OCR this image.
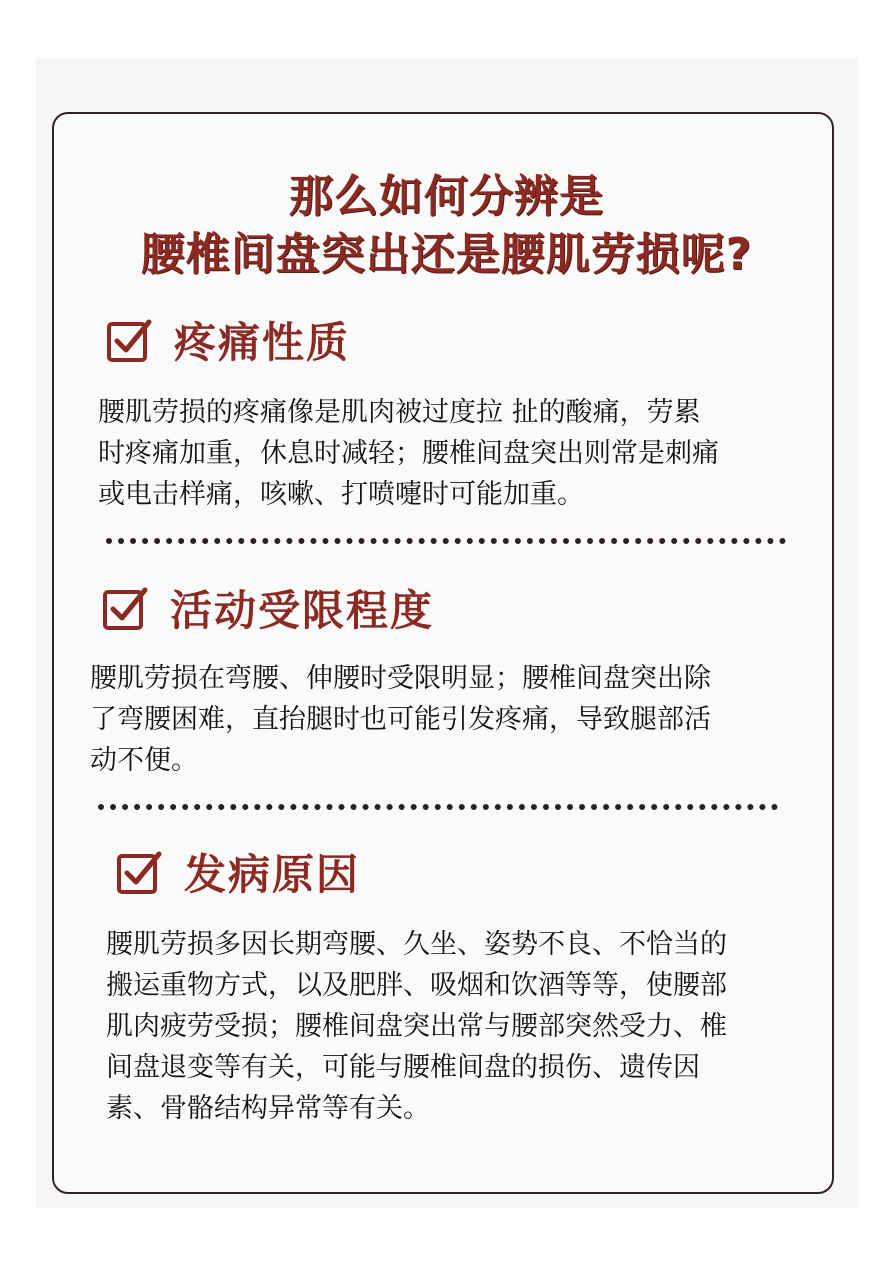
那么如何分辨是
腰椎间盘突出还是腰肌劳损呢?
疼痛性质

腰肌劳损的疼痛像是肌肉被过度拉 扯的酸痛，劳累
时疼痛加重，休息时减轻；腰椎间盘突出则常是刺痛
或电击样痛，咳嗽、打喷嚏时可能加重。

活动受限程度

腰肌劳损在弯腰、伸腰时受限明显；腰椎间盘突出除
了弯腰困难，直抬腿时也可能引发疼痛，导致腿部活
动不便。

发病原因

腰肌劳损多因长期弯腰、久坐、姿势不良、不恰当的
搬运重物方式，以及肥胖、吸烟和饮酒等等，使腰部
肌肉疲劳受损；腰椎间盘突出常与腰部突然受力、椎
间盘退变等有关，可能与腰椎间盘的损伤、遗传因
素、骨骼结构异常等有关。
